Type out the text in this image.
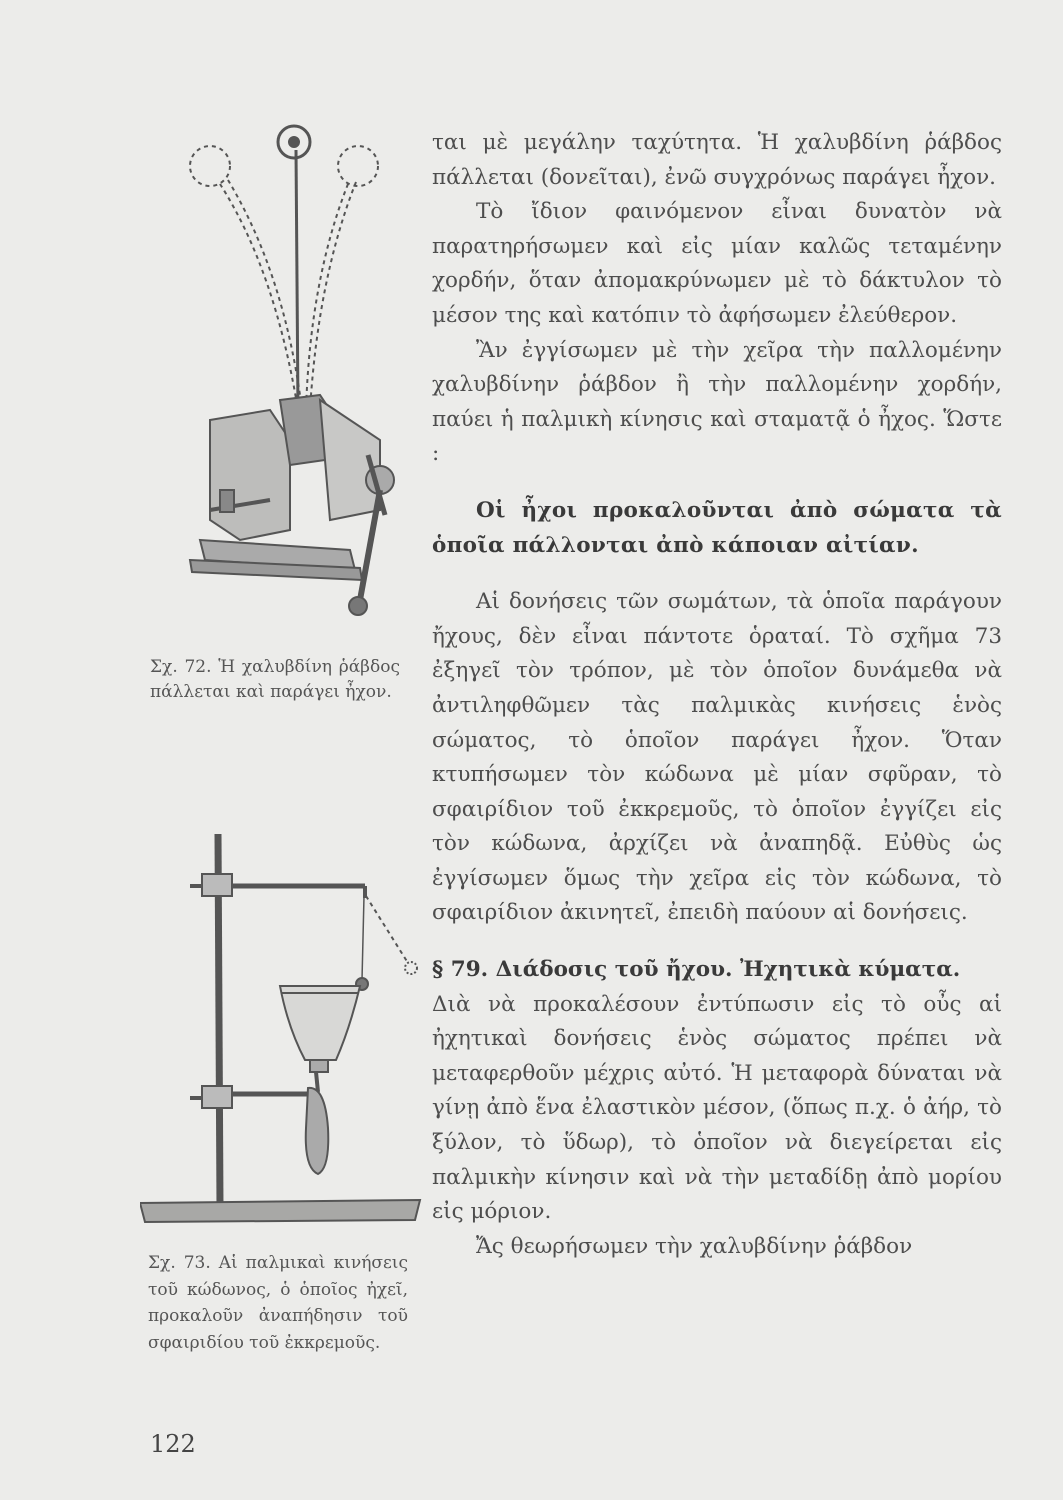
Σχ. 72. Ἡ χαλυβδίνη ῥάβδος πάλλεται καὶ παράγει ἦχον.
Σχ. 73. Αἱ παλμικαὶ κινήσεις τοῦ κώδωνος, ὁ ὁποῖος ἠχεῖ, προκαλοῦν ἀναπήδησιν τοῦ σφαιριδίου τοῦ ἐκκρεμοῦς.

ται μὲ μεγάλην ταχύτητα. Ἡ χαλυβδίνη ῥάβδος πάλλεται (δονεῖται), ἐνῶ συγχρόνως παράγει ἦχον.

Τὸ ἴδιον φαινόμενον εἶναι δυνατὸν νὰ παρατηρήσωμεν καὶ εἰς μίαν καλῶς τεταμένην χορδήν, ὅταν ἀπομακρύνωμεν μὲ τὸ δάκτυλον τὸ μέσον της καὶ κατόπιν τὸ ἀφήσωμεν ἐλεύθερον.

Ἂν ἐγγίσωμεν μὲ τὴν χεῖρα τὴν παλλομένην χαλυβδίνην ῥάβδον ἢ τὴν παλλομένην χορδήν, παύει ἡ παλμικὴ κίνησις καὶ σταματᾷ ὁ ἦχος. Ὥστε :

Οἱ ἦχοι προκαλοῦνται ἀπὸ σώματα τὰ ὁποῖα πάλλονται ἀπὸ κάποιαν αἰτίαν.

Αἱ δονήσεις τῶν σωμάτων, τὰ ὁποῖα παράγουν ἤχους, δὲν εἶναι πάντοτε ὁραταί. Τὸ σχῆμα 73 ἐξηγεῖ τὸν τρόπον, μὲ τὸν ὁποῖον δυνάμεθα νὰ ἀντιληφθῶμεν τὰς παλμικὰς κινήσεις ἑνὸς σώματος, τὸ ὁποῖον παράγει ἦχον. Ὅταν κτυπήσωμεν τὸν κώδωνα μὲ μίαν σφῦραν, τὸ σφαιρίδιον τοῦ ἐκκρεμοῦς, τὸ ὁποῖον ἐγγίζει εἰς τὸν κώδωνα, ἀρχίζει νὰ ἀναπηδᾷ. Εὐθὺς ὡς ἐγγίσωμεν ὅμως τὴν χεῖρα εἰς τὸν κώδωνα, τὸ σφαιρίδιον ἀκινητεῖ, ἐπειδὴ παύουν αἱ δονήσεις.

§ 79. Διάδοσις τοῦ ἤχου. Ἠχητικὰ κύματα.

Διὰ νὰ προκαλέσουν ἐντύπωσιν εἰς τὸ οὖς αἱ ἠχητικαὶ δονήσεις ἑνὸς σώματος πρέπει νὰ μεταφερθοῦν μέχρις αὐτό. Ἡ μεταφορὰ δύναται νὰ γίνῃ ἀπὸ ἕνα ἐλαστικὸν μέσον, (ὅπως π.χ. ὁ ἀήρ, τὸ ξύλον, τὸ ὕδωρ), τὸ ὁποῖον νὰ διεγείρεται εἰς παλμικὴν κίνησιν καὶ νὰ τὴν μεταδίδῃ ἀπὸ μορίου εἰς μόριον.

Ἄς θεωρήσωμεν τὴν χαλυβδίνην ῥάβδον

122
